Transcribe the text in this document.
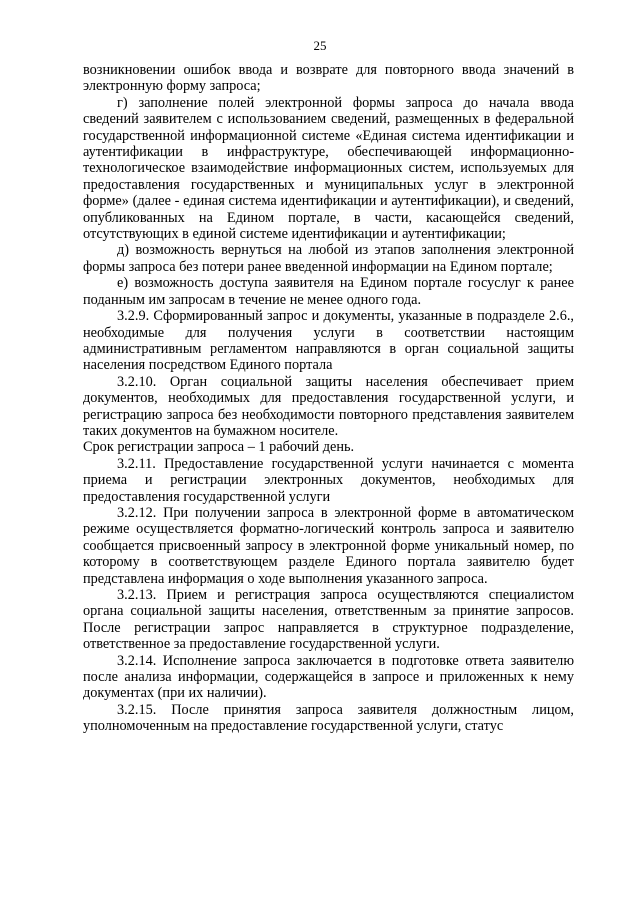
25

возникновении ошибок ввода и возврате для повторного ввода значений в электронную форму запроса;

г) заполнение полей электронной формы запроса до начала ввода сведений заявителем с использованием сведений, размещенных в федеральной государственной информационной системе «Единая система идентификации и аутентификации в инфраструктуре, обеспечивающей информационно-технологическое взаимодействие информационных систем, используемых для предоставления государственных и муниципальных услуг в электронной форме» (далее - единая система идентификации и аутентификации), и сведений, опубликованных на Едином портале, в части, касающейся сведений, отсутствующих в единой системе идентификации и аутентификации;

д) возможность вернуться на любой из этапов заполнения электронной формы запроса без потери ранее введенной информации на Едином портале;

е) возможность доступа заявителя на Едином портале госуслуг к ранее поданным им запросам в течение не менее одного года.

3.2.9. Сформированный запрос и документы, указанные в подразделе 2.6., необходимые для получения услуги в соответствии настоящим административным регламентом направляются в орган социальной защиты населения посредством Единого портала

3.2.10. Орган социальной защиты населения обеспечивает прием документов, необходимых для предоставления государственной услуги, и регистрацию запроса без необходимости повторного представления заявителем таких документов на бумажном носителе.

Срок регистрации запроса – 1 рабочий день.

3.2.11. Предоставление государственной услуги начинается с момента приема и регистрации электронных документов, необходимых для предоставления государственной услуги

3.2.12. При получении запроса в электронной форме в автоматическом режиме осуществляется форматно-логический контроль запроса и заявителю сообщается присвоенный запросу в электронной форме уникальный номер, по которому в соответствующем разделе Единого портала заявителю будет представлена информация о ходе выполнения указанного запроса.

3.2.13. Прием и регистрация запроса осуществляются специалистом органа социальной защиты населения, ответственным за принятие запросов. После регистрации запрос направляется в структурное подразделение, ответственное за предоставление государственной услуги.

3.2.14. Исполнение запроса заключается в подготовке ответа заявителю после анализа информации, содержащейся в запросе и приложенных к нему документах (при их наличии).

3.2.15. После принятия запроса заявителя должностным лицом, уполномоченным на предоставление государственной услуги, статус
